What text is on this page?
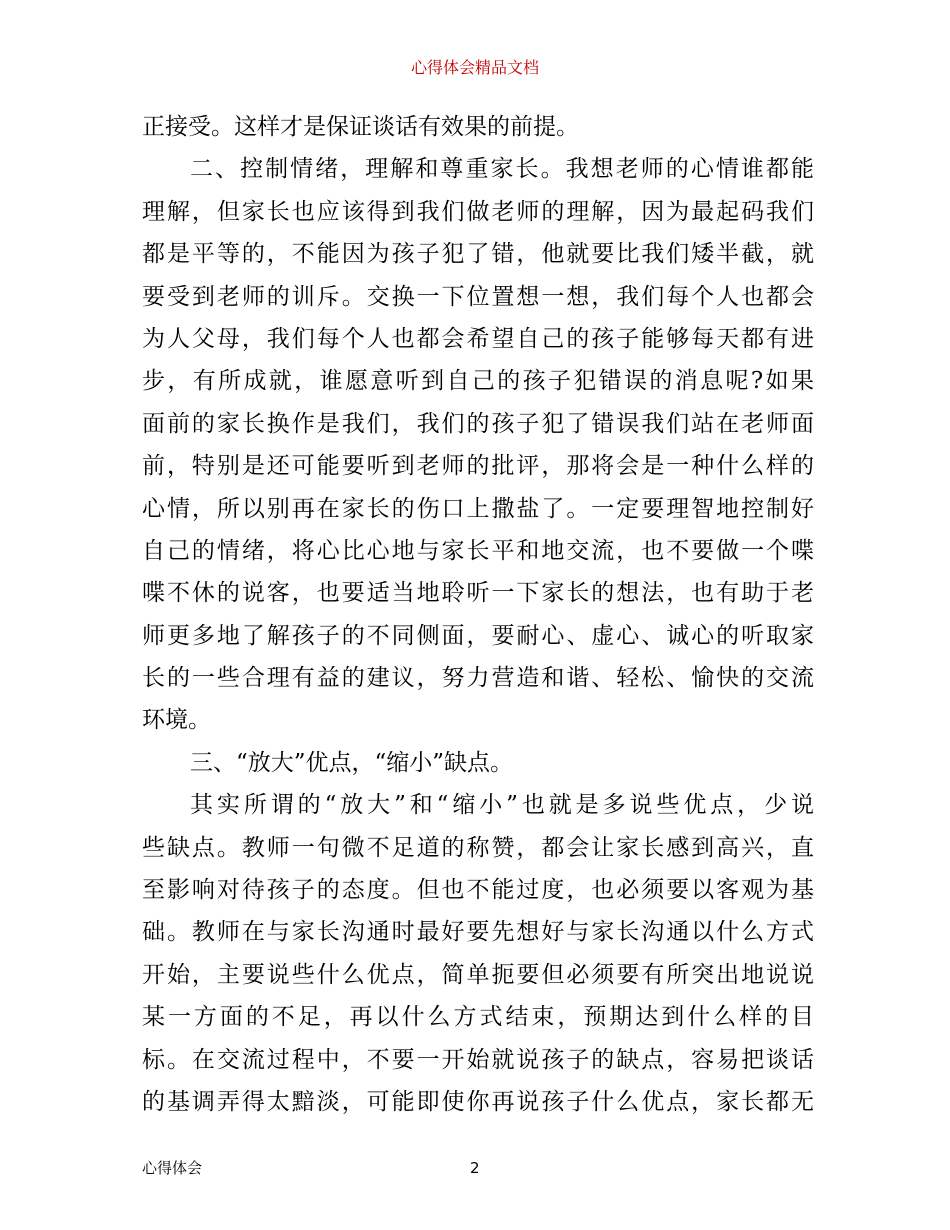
心得体会精品文档
正接受。这样才是保证谈话有效果的前提。
二、控制情绪，理解和尊重家长。我想老师的心情谁都能
理解，但家长也应该得到我们做老师的理解，因为最起码我们
都是平等的，不能因为孩子犯了错，他就要比我们矮半截，就
要受到老师的训斥。交换一下位置想一想，我们每个人也都会
为人父母，我们每个人也都会希望自己的孩子能够每天都有进
步，有所成就，谁愿意听到自己的孩子犯错误的消息呢?如果
面前的家长换作是我们，我们的孩子犯了错误我们站在老师面
前，特别是还可能要听到老师的批评，那将会是一种什么样的
心情，所以别再在家长的伤口上撒盐了。一定要理智地控制好
自己的情绪，将心比心地与家长平和地交流，也不要做一个喋
喋不休的说客，也要适当地聆听一下家长的想法，也有助于老
师更多地了解孩子的不同侧面，要耐心、虚心、诚心的听取家
长的一些合理有益的建议，努力营造和谐、轻松、愉快的交流
环境。
三、“放大”优点，“缩小”缺点。
其实所谓的“放大”和“缩小”也就是多说些优点，少说
些缺点。教师一句微不足道的称赞，都会让家长感到高兴，直
至影响对待孩子的态度。但也不能过度，也必须要以客观为基
础。教师在与家长沟通时最好要先想好与家长沟通以什么方式
开始，主要说些什么优点，简单扼要但必须要有所突出地说说
某一方面的不足，再以什么方式结束，预期达到什么样的目
标。在交流过程中，不要一开始就说孩子的缺点，容易把谈话
的基调弄得太黯淡，可能即使你再说孩子什么优点，家长都无
心得体会	2
